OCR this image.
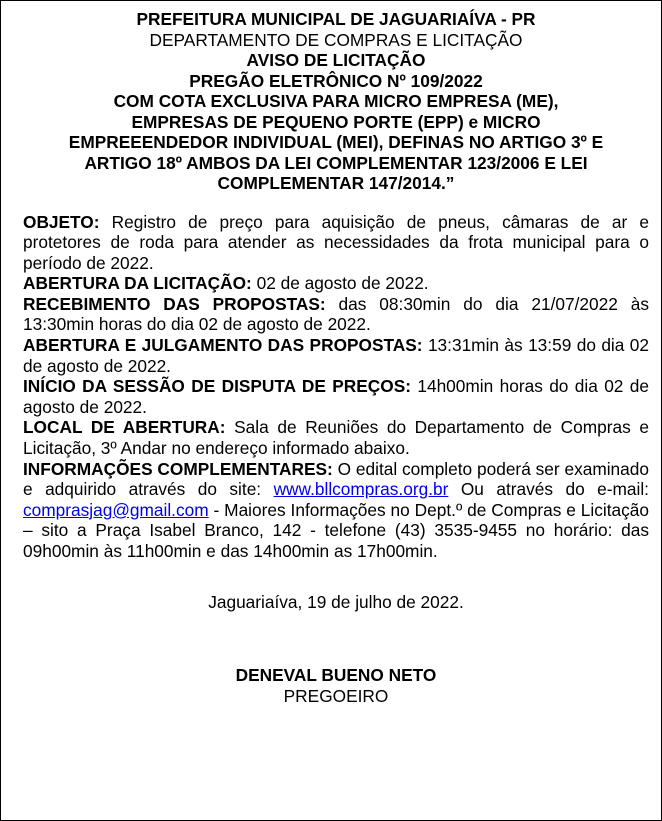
PREFEITURA MUNICIPAL DE JAGUARIAÍVA - PR
DEPARTAMENTO DE COMPRAS E LICITAÇÃO
AVISO DE LICITAÇÃO
PREGÃO ELETRÔNICO Nº 109/2022
COM COTA EXCLUSIVA PARA MICRO EMPRESA (ME),
EMPRESAS DE PEQUENO PORTE (EPP) e MICRO
EMPREEENDEDOR INDIVIDUAL (MEI), DEFINAS NO ARTIGO 3º E
ARTIGO 18º AMBOS DA LEI COMPLEMENTAR 123/2006 E LEI
COMPLEMENTAR 147/2014.”

OBJETO: Registro de preço para aquisição de pneus, câmaras de ar e protetores de roda para atender as necessidades da frota municipal para o período de 2022.

ABERTURA DA LICITAÇÃO: 02 de agosto de 2022.

RECEBIMENTO DAS PROPOSTAS: das 08:30min do dia 21/07/2022 às 13:30min horas do dia 02 de agosto de 2022.

ABERTURA E JULGAMENTO DAS PROPOSTAS: 13:31min às 13:59 do dia 02 de agosto de 2022.

INÍCIO DA SESSÃO DE DISPUTA DE PREÇOS: 14h00min horas do dia 02 de agosto de 2022.

LOCAL DE ABERTURA: Sala de Reuniões do Departamento de Compras e Licitação, 3º Andar no endereço informado abaixo.

INFORMAÇÕES COMPLEMENTARES: O edital completo poderá ser examinado e adquirido através do site: www.bllcompras.org.br Ou através do e-mail: comprasjag@gmail.com - Maiores Informações no Dept.º de Compras e Licitação – sito a Praça Isabel Branco, 142 - telefone (43) 3535-9455 no horário: das 09h00min às 11h00min e das 14h00min as 17h00min.

Jaguariaíva, 19 de julho de 2022.
DENEVAL BUENO NETO
PREGOEIRO
